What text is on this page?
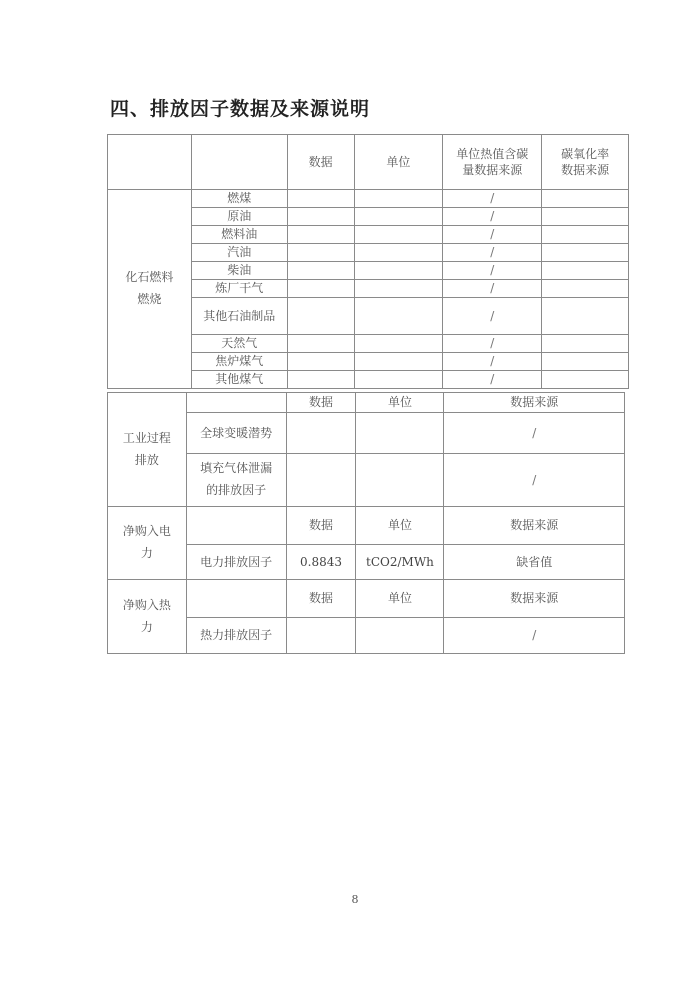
四、排放因子数据及来源说明
		数据	单位	单位热值含碳
量数据来源	碳氧化率
数据来源
化石燃料
燃烧	燃煤			/	
	原油			/	
	燃料油			/	
	汽油			/	
	柴油			/	
	炼厂干气			/	
	其他石油制品			/	
	天然气			/	
	焦炉煤气			/	
	其他煤气			/	
工业过程
排放		数据	单位	数据来源
	全球变暖潜势			/
	填充气体泄漏
的排放因子			/
净购入电
力		数据	单位	数据来源
	电力排放因子	0.8843	tCO2/MWh	缺省值
净购入热
力		数据	单位	数据来源
	热力排放因子			/
8
